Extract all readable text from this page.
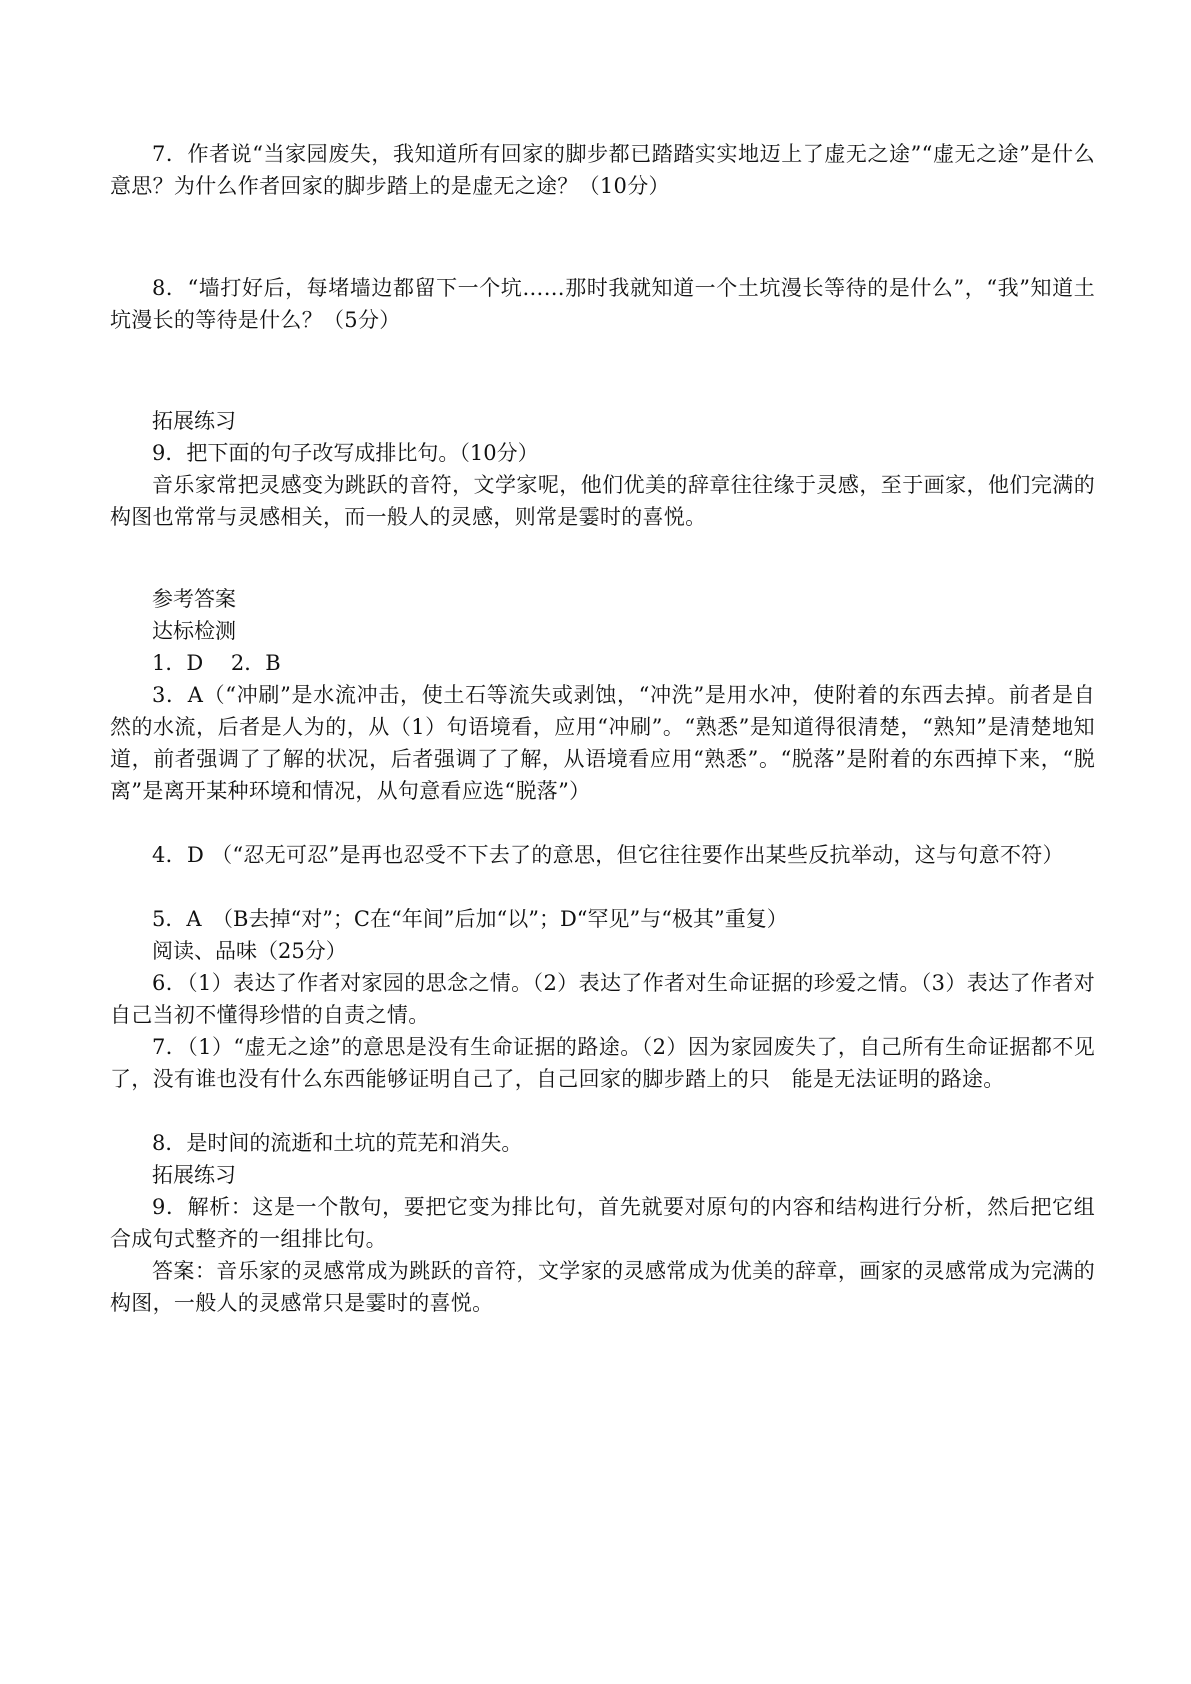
7．作者说“当家园废失，我知道所有回家的脚步都已踏踏实实地迈上了虚无之途”“虚无之途”是什么意思？为什么作者回家的脚步踏上的是虚无之途？（10分）

8．“墙打好后，每堵墙边都留下一个坑……那时我就知道一个土坑漫长等待的是什么”，“我”知道土坑漫长的等待是什么？（5分）

拓展练习

9．把下面的句子改写成排比句。（10分）

音乐家常把灵感变为跳跃的音符，文学家呢，他们优美的辞章往往缘于灵感，至于画家，他们完满的构图也常常与灵感相关，而一般人的灵感，则常是霎时的喜悦。

参考答案

达标检测

1．D　 2．B

3．A（“冲刷”是水流冲击，使土石等流失或剥蚀，“冲洗”是用水冲，使附着的东西去掉。前者是自然的水流，后者是人为的，从（1）句语境看，应用“冲刷”。“熟悉”是知道得很清楚，“熟知”是清楚地知道，前者强调了了解的状况，后者强调了了解，从语境看应用“熟悉”。“脱落”是附着的东西掉下来，“脱离”是离开某种环境和情况，从句意看应选“脱落”）

4．D （“忍无可忍”是再也忍受不下去了的意思，但它往往要作出某些反抗举动，这与句意不符）

5．A　（B去掉“对”；C在“年间”后加“以”；D“罕见”与“极其”重复）

阅读、品味（25分）

6．（1）表达了作者对家园的思念之情。（2）表达了作者对生命证据的珍爱之情。（3）表达了作者对自己当初不懂得珍惜的自责之情。

7．（1）“虚无之途”的意思是没有生命证据的路途。（2）因为家园废失了，自己所有生命证据都不见了，没有谁也没有什么东西能够证明自己了，自己回家的脚步踏上的只　能是无法证明的路途。

8．是时间的流逝和土坑的荒芜和消失。

拓展练习

9．解析：这是一个散句，要把它变为排比句，首先就要对原句的内容和结构进行分析，然后把它组合成句式整齐的一组排比句。

答案：音乐家的灵感常成为跳跃的音符，文学家的灵感常成为优美的辞章，画家的灵感常成为完满的构图，一般人的灵感常只是霎时的喜悦。
